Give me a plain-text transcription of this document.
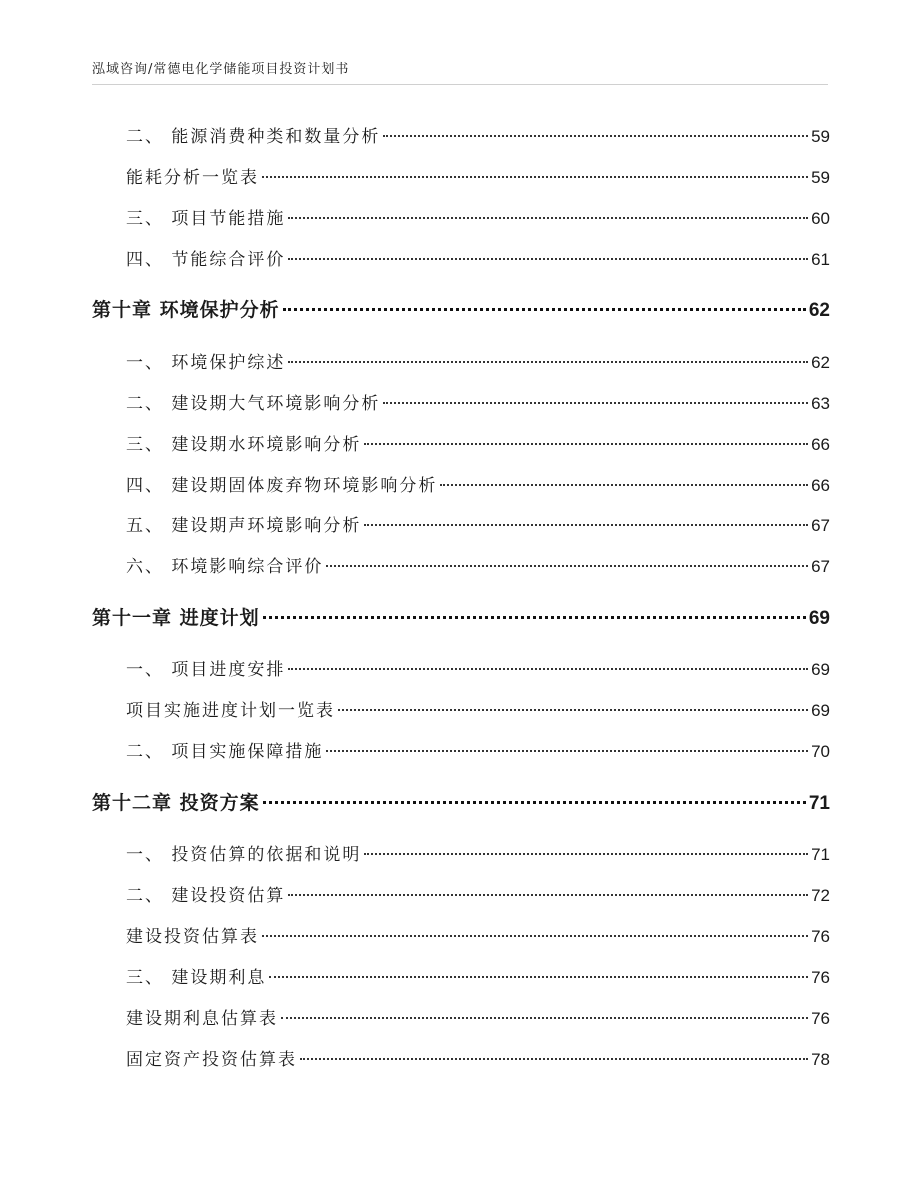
泓域咨询/常德电化学储能项目投资计划书
二、 能源消费种类和数量分析	59
能耗分析一览表	59
三、 项目节能措施	60
四、 节能综合评价	61
第十章 环境保护分析	62
一、 环境保护综述	62
二、 建设期大气环境影响分析	63
三、 建设期水环境影响分析	66
四、 建设期固体废弃物环境影响分析	66
五、 建设期声环境影响分析	67
六、 环境影响综合评价	67
第十一章 进度计划	69
一、 项目进度安排	69
项目实施进度计划一览表	69
二、 项目实施保障措施	70
第十二章 投资方案	71
一、 投资估算的依据和说明	71
二、 建设投资估算	72
建设投资估算表	76
三、 建设期利息	76
建设期利息估算表	76
固定资产投资估算表	78
